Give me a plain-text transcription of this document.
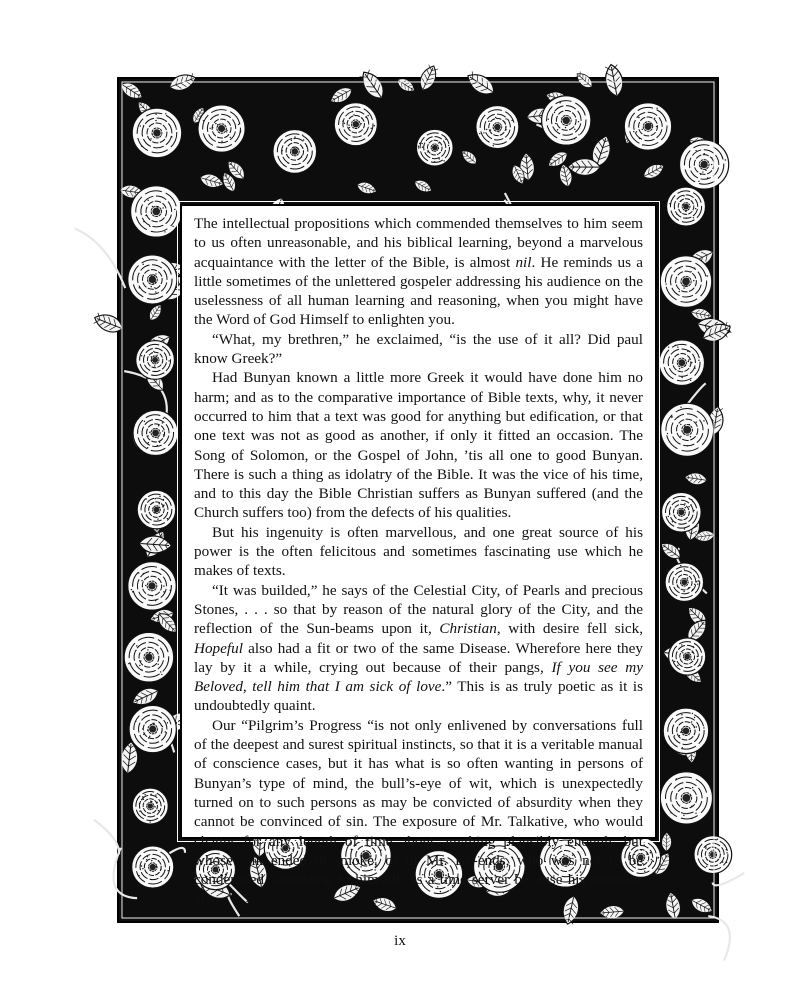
The intellectual propositions which commended themselves to him seem to us often unreasonable, and his biblical learning, beyond a marvelous acquaintance with the letter of the Bible, is almost nil. He reminds us a little sometimes of the unlettered gospeler addressing his audience on the uselessness of all human learning and reasoning, when you might have the Word of God Himself to enlighten you.

“What, my brethren,” he exclaimed, “is the use of it all? Did paul know Greek?”

Had Bunyan known a little more Greek it would have done him no harm; and as to the comparative importance of Bible texts, why, it never occurred to him that a text was good for anything but edification, or that one text was not as good as another, if only it fitted an occasion. The Song of Solomon, or the Gospel of John, ’tis all one to good Bunyan. There is such a thing as idolatry of the Bible. It was the vice of his time, and to this day the Bible Christian suffers as Bunyan suffered (and the Church suffers too) from the defects of his qualities.

But his ingenuity is often marvellous, and one great source of his power is the often felicitous and sometimes fascinating use which he makes of texts.

“It was builded,” he says of the Celestial City, of Pearls and precious Stones, . . . so that by reason of the natural glory of the City, and the reflection of the Sun-beams upon it, Christian, with desire fell sick, Hopeful also had a fit or two of the same Disease. Wherefore here they lay by it a while, crying out because of their pangs, If you see my Beloved, tell him that I am sick of love.” This is as truly poetic as it is undoubtedly quaint.

Our “Pilgrim’s Progress “is not only enlivened by conversations full of the deepest and surest spiritual instincts, so that it is a veritable manual of conscience cases, but it has what is so often wanting in persons of Bunyan’s type of mind, the bull’s-eye of wit, which is unexpectedly turned on to such persons as may be convicted of absurdity when they cannot be convinced of sin. The exposure of Mr. Talkative, who would chatter for any length of time about anything plausibly enough, but whose talk ended in smoke, or of Mr. By-ends, who was not to be condemned, according to himself, as a time server because his opinions al-

ix
